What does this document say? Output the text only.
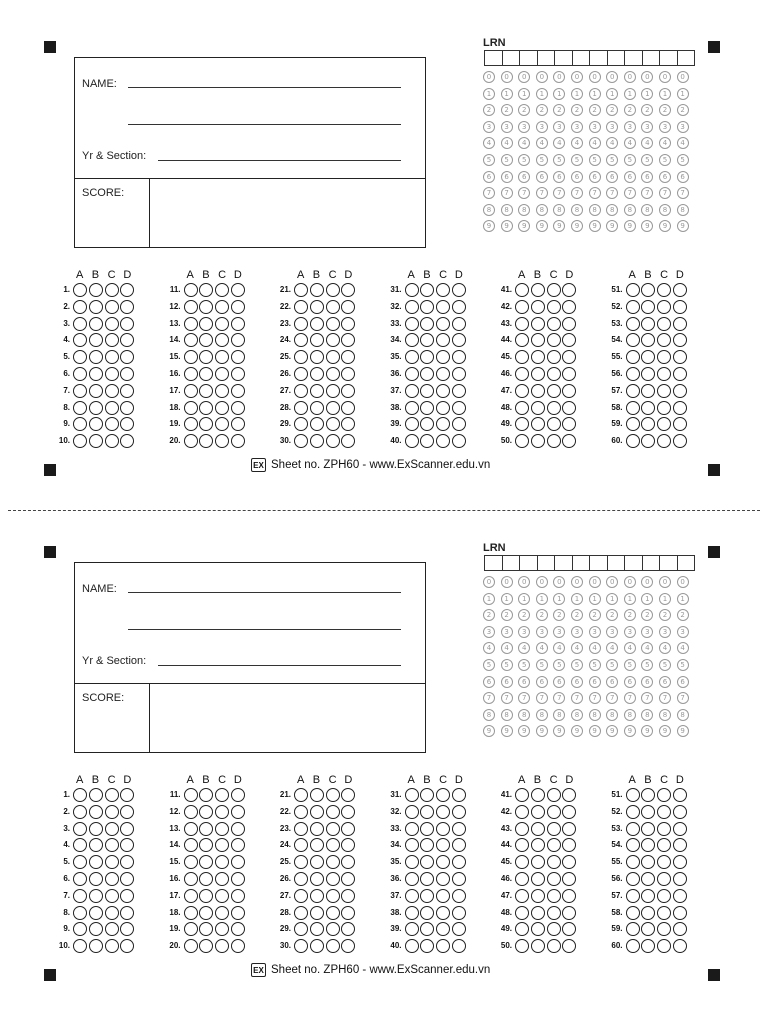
NAME:
Yr & Section:
SCORE:
LRN
0	0	0	0	0	0	0	0	0	0	0	0
1	1	1	1	1	1	1	1	1	1	1	1
2	2	2	2	2	2	2	2	2	2	2	2
3	3	3	3	3	3	3	3	3	3	3	3
4	4	4	4	4	4	4	4	4	4	4	4
5	5	5	5	5	5	5	5	5	5	5	5
6	6	6	6	6	6	6	6	6	6	6	6
7	7	7	7	7	7	7	7	7	7	7	7
8	8	8	8	8	8	8	8	8	8	8	8
9	9	9	9	9	9	9	9	9	9	9	9
A B C D
1.
2.
3.
4.
5.
6.
7.
8.
9.
10.
A B C D
11.
12.
13.
14.
15.
16.
17.
18.
19.
20.
A B C D
21.
22.
23.
24.
25.
26.
27.
28.
29.
30.
A B C D
31.
32.
33.
34.
35.
36.
37.
38.
39.
40.
A B C D
41.
42.
43.
44.
45.
46.
47.
48.
49.
50.
A B C D
51.
52.
53.
54.
55.
56.
57.
58.
59.
60.
EX Sheet no. ZPH60 - www.ExScanner.edu.vn
NAME:
Yr & Section:
SCORE:
LRN
0	0	0	0	0	0	0	0	0	0	0	0
1	1	1	1	1	1	1	1	1	1	1	1
2	2	2	2	2	2	2	2	2	2	2	2
3	3	3	3	3	3	3	3	3	3	3	3
4	4	4	4	4	4	4	4	4	4	4	4
5	5	5	5	5	5	5	5	5	5	5	5
6	6	6	6	6	6	6	6	6	6	6	6
7	7	7	7	7	7	7	7	7	7	7	7
8	8	8	8	8	8	8	8	8	8	8	8
9	9	9	9	9	9	9	9	9	9	9	9
A B C D
1.
2.
3.
4.
5.
6.
7.
8.
9.
10.
A B C D
11.
12.
13.
14.
15.
16.
17.
18.
19.
20.
A B C D
21.
22.
23.
24.
25.
26.
27.
28.
29.
30.
A B C D
31.
32.
33.
34.
35.
36.
37.
38.
39.
40.
A B C D
41.
42.
43.
44.
45.
46.
47.
48.
49.
50.
A B C D
51.
52.
53.
54.
55.
56.
57.
58.
59.
60.
EX Sheet no. ZPH60 - www.ExScanner.edu.vn
